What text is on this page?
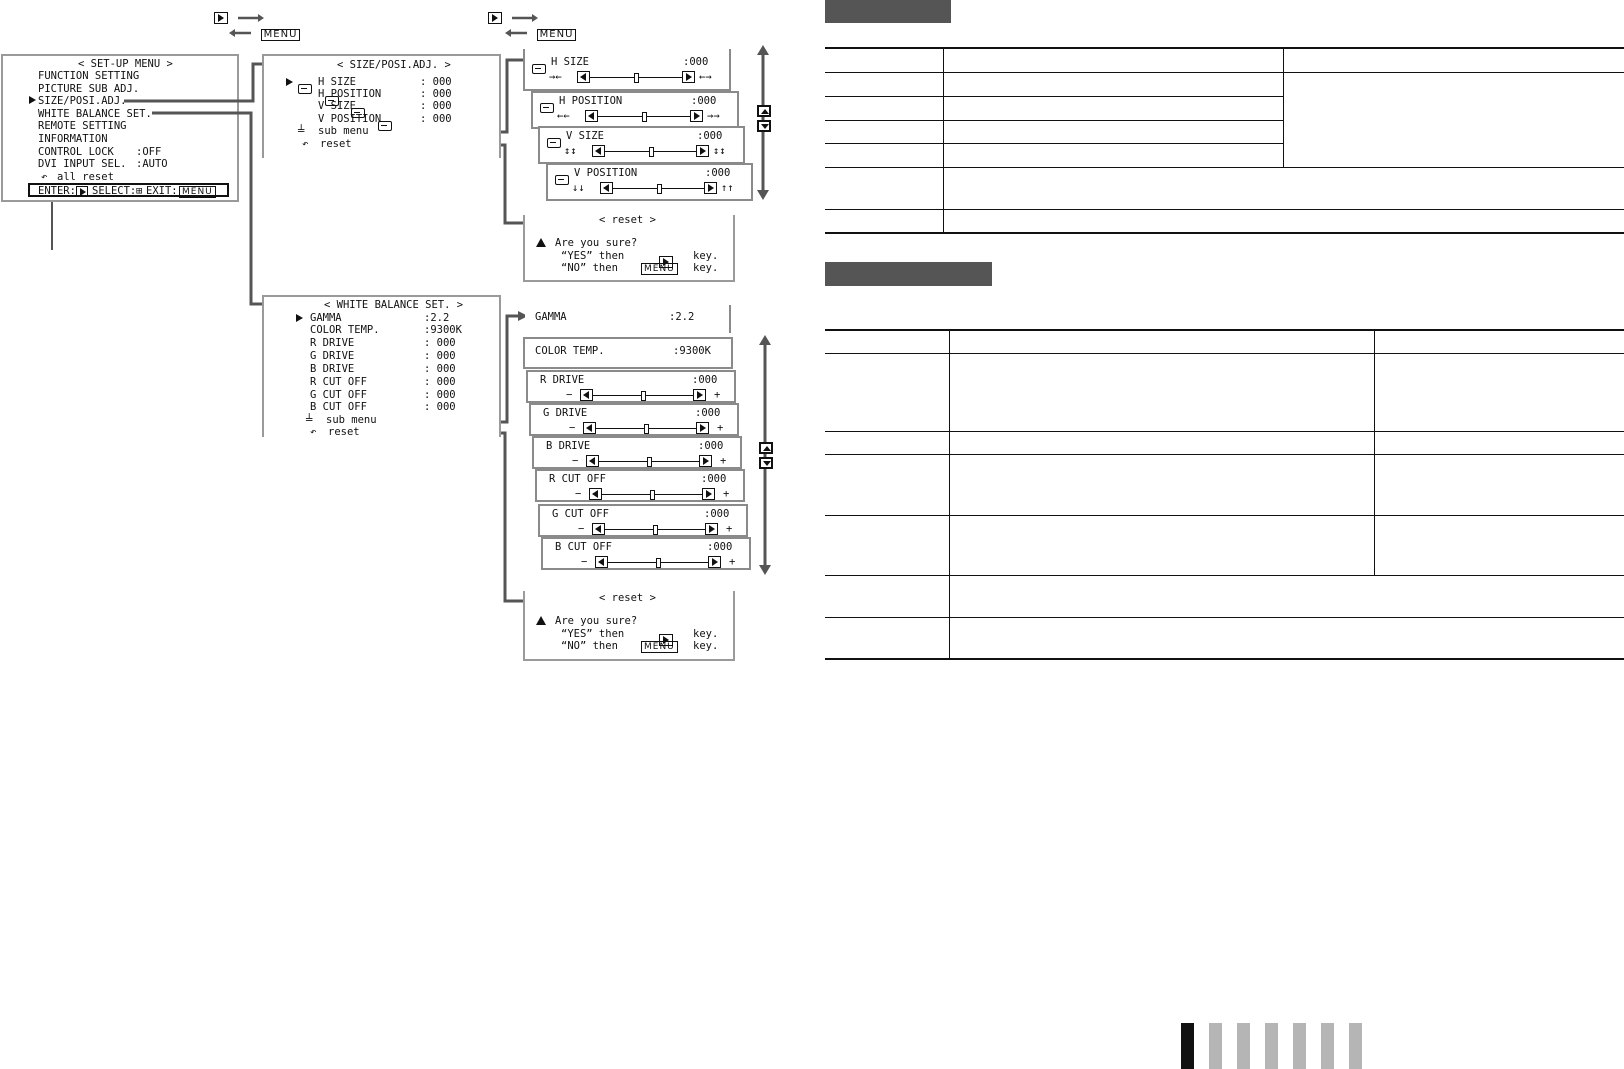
MENU
	MENU
< SET-UP MENU >
FUNCTION SETTING
PICTURE SUB ADJ.
SIZE/POSI.ADJ.
WHITE BALANCE SET.
REMOTE SETTING
INFORMATION
CONTROL LOCK :OFF
DVI INPUT SEL. :AUTO
↶ all reset
ENTER: SELECT: ⊞ EXIT: MENU
< SIZE/POSI.ADJ. >

H SIZE	: 000

H POSITION	: 000

V SIZE	: 000
V POSITION	: 000
╧ sub menu
↶ reset
H SIZE	:000
→←	←→
H POSITION	:000
←←	→→
V SIZE	:000
↕↕	↕↕
V POSITION	:000
↓↓	↑↑
< reset >
Are you sure?
“YES” then	key.
“NO” then	MENU key.
< WHITE BALANCE SET. >
GAMMA	:2.2
COLOR TEMP.	:9300K
R DRIVE	: 000
G DRIVE	: 000
B DRIVE	: 000
R CUT OFF	: 000
G CUT OFF	: 000
B CUT OFF	: 000
╧ sub menu
↶ reset
GAMMA	:2.2
COLOR TEMP.	:9300K
R DRIVE	:000
−	+
G DRIVE	:000
−	+
B DRIVE	:000
−	+
R CUT OFF	:000
−	+
G CUT OFF	:000
−	+
B CUT OFF	:000
−	+
< reset >
Are you sure?
“YES” then	key.
“NO” then	MENU key.
